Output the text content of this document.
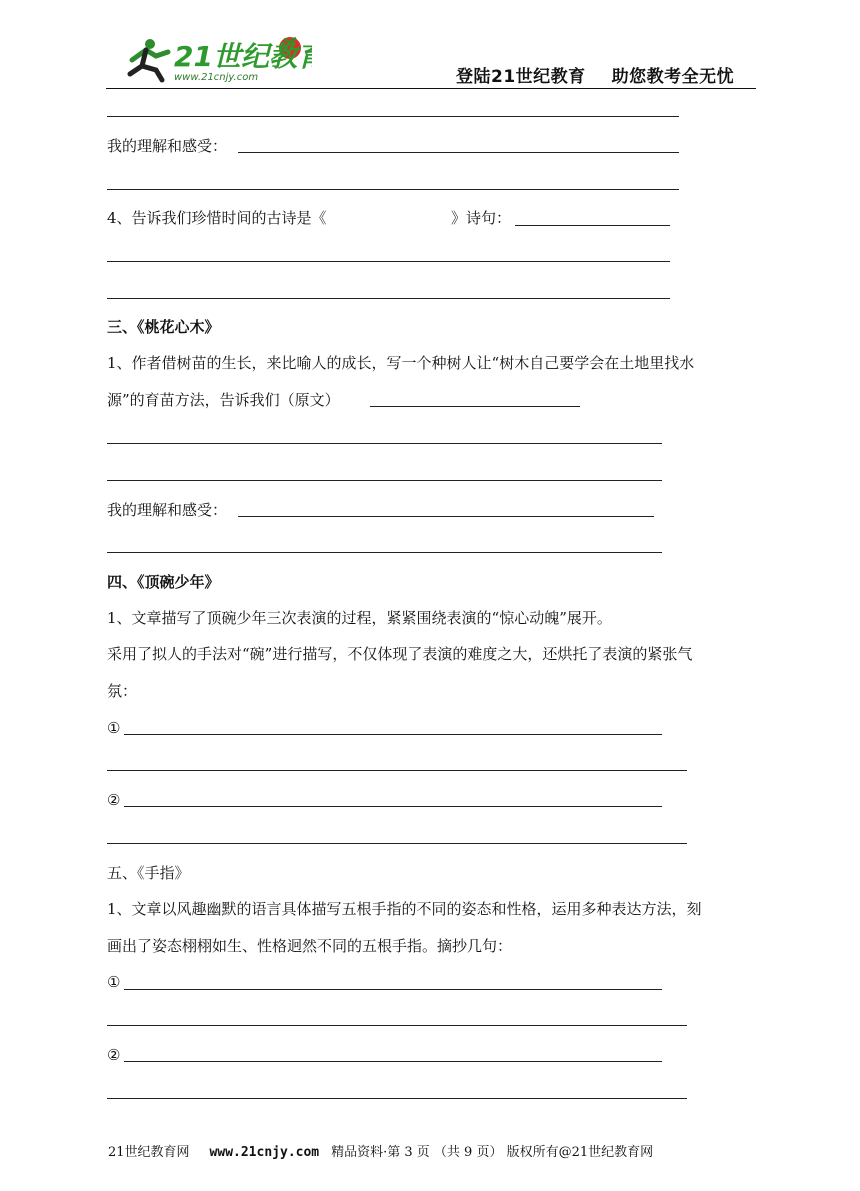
21世纪教育
www.21cnjy.com	登陆21世纪教育 助您教考全无忧
我的理解和感受：
4、告诉我们珍惜时间的古诗是《	》诗句：
三、《桃花心木》
1、作者借树苗的生长，来比喻人的成长，写一个种树人让“树木自己要学会在土地里找水
源”的育苗方法，告诉我们（原文）
我的理解和感受：
四、《顶碗少年》
1、文章描写了顶碗少年三次表演的过程，紧紧围绕表演的“惊心动魄”展开。
采用了拟人的手法对“碗”进行描写，不仅体现了表演的难度之大，还烘托了表演的紧张气
氛：
①
②
五、《手指》
1、文章以风趣幽默的语言具体描写五根手指的不同的姿态和性格，运用多种表达方法，刻
画出了姿态栩栩如生、性格迥然不同的五根手指。摘抄几句：
①
②
21世纪教育网 www.21cnjy.com 精品资料·第 3 页 （共 9 页） 版权所有@21世纪教育网
